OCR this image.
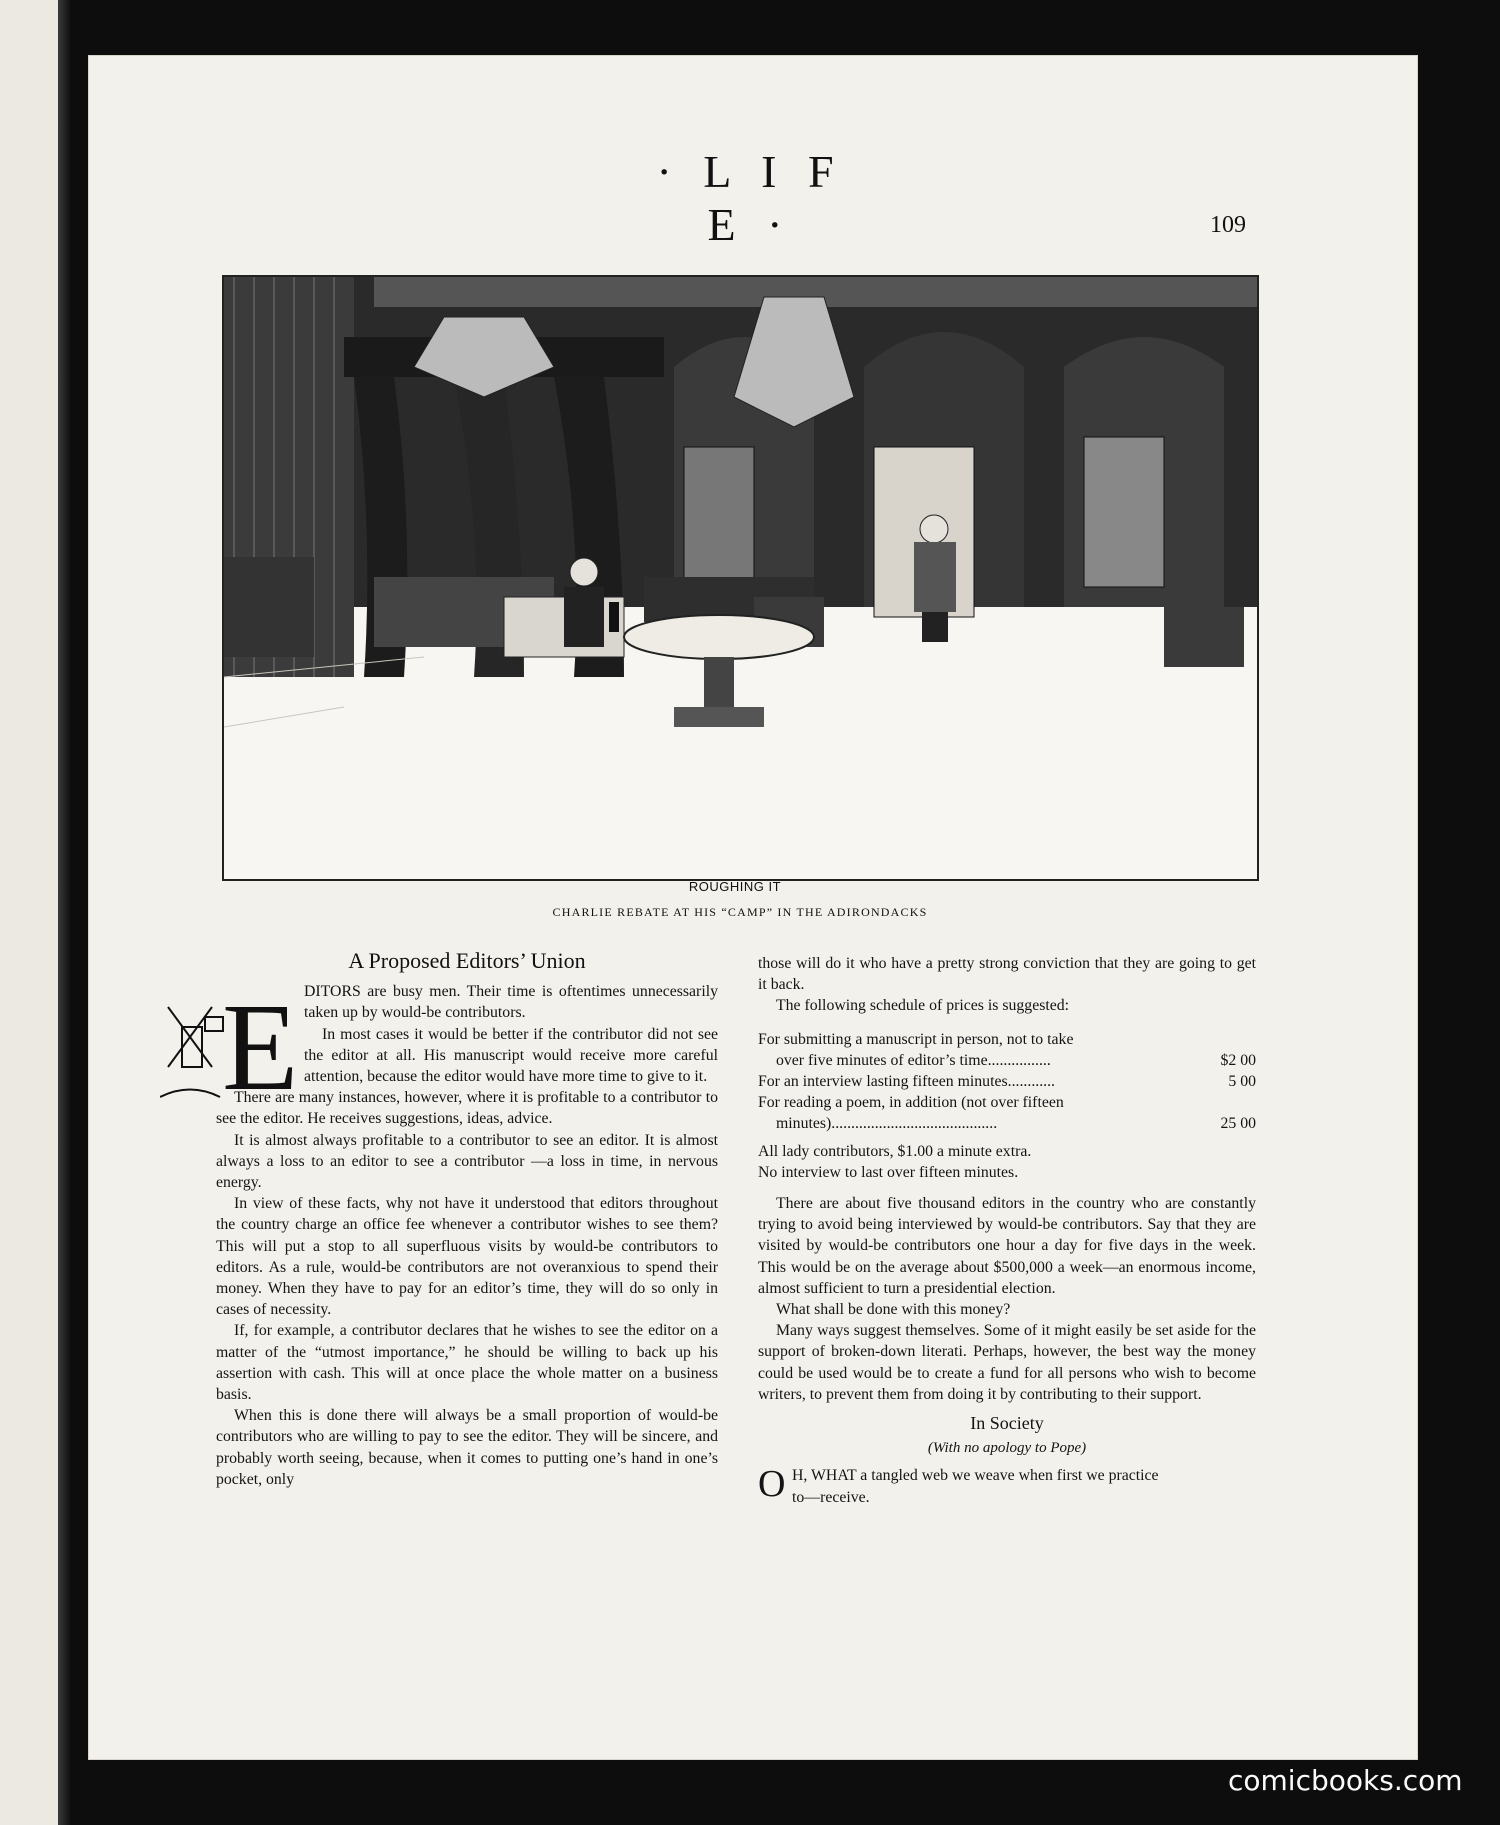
· L I F E ·	109
ROUGHING IT
CHARLIE REBATE AT HIS “CAMP” IN THE ADIRONDACKS
A Proposed Editors’ Union
E DITORS are busy men. Their time is oftentimes unnecessarily taken up by would-be contributors.

In most cases it would be better if the contributor did not see the editor at all. His manuscript would receive more careful attention, because the editor would have more time to give to it.

There are many instances, however, where it is profitable to a contributor to see the editor. He receives suggestions, ideas, advice.

It is almost always profitable to a contributor to see an editor. It is almost always a loss to an editor to see a contributor —a loss in time, in nervous energy.

In view of these facts, why not have it understood that editors throughout the country charge an office fee whenever a contributor wishes to see them? This will put a stop to all superfluous visits by would-be contributors to editors. As a rule, would-be contributors are not overanxious to spend their money. When they have to pay for an editor’s time, they will do so only in cases of necessity.

If, for example, a contributor declares that he wishes to see the editor on a matter of the “utmost importance,” he should be willing to back up his assertion with cash. This will at once place the whole matter on a business basis.

When this is done there will always be a small proportion of would-be contributors who are willing to pay to see the editor. They will be sincere, and probably worth seeing, because, when it comes to putting one’s hand in one’s pocket, only

those will do it who have a pretty strong conviction that they are going to get it back.

The following schedule of prices is suggested:

For submitting a manuscript in person, not to take
over five minutes of editor’s time................	$2 00
For an interview lasting fifteen minutes............	5 00
For reading a poem, in addition (not over fifteen
minutes)..........................................	25 00

All lady contributors, $1.00 a minute extra.

No interview to last over fifteen minutes.

There are about five thousand editors in the country who are constantly trying to avoid being interviewed by would-be contributors. Say that they are visited by would-be contributors one hour a day for five days in the week. This would be on the average about $500,000 a week—an enormous income, almost sufficient to turn a presidential election.

What shall be done with this money?

Many ways suggest themselves. Some of it might easily be set aside for the support of broken-down literati. Perhaps, however, the best way the money could be used would be to create a fund for all persons who wish to become writers, to prevent them from doing it by contributing to their support.

In Society
(With no apology to Pope)
O H, WHAT a tangled web we weave when first we practice
to—receive.
comicbooks.com
